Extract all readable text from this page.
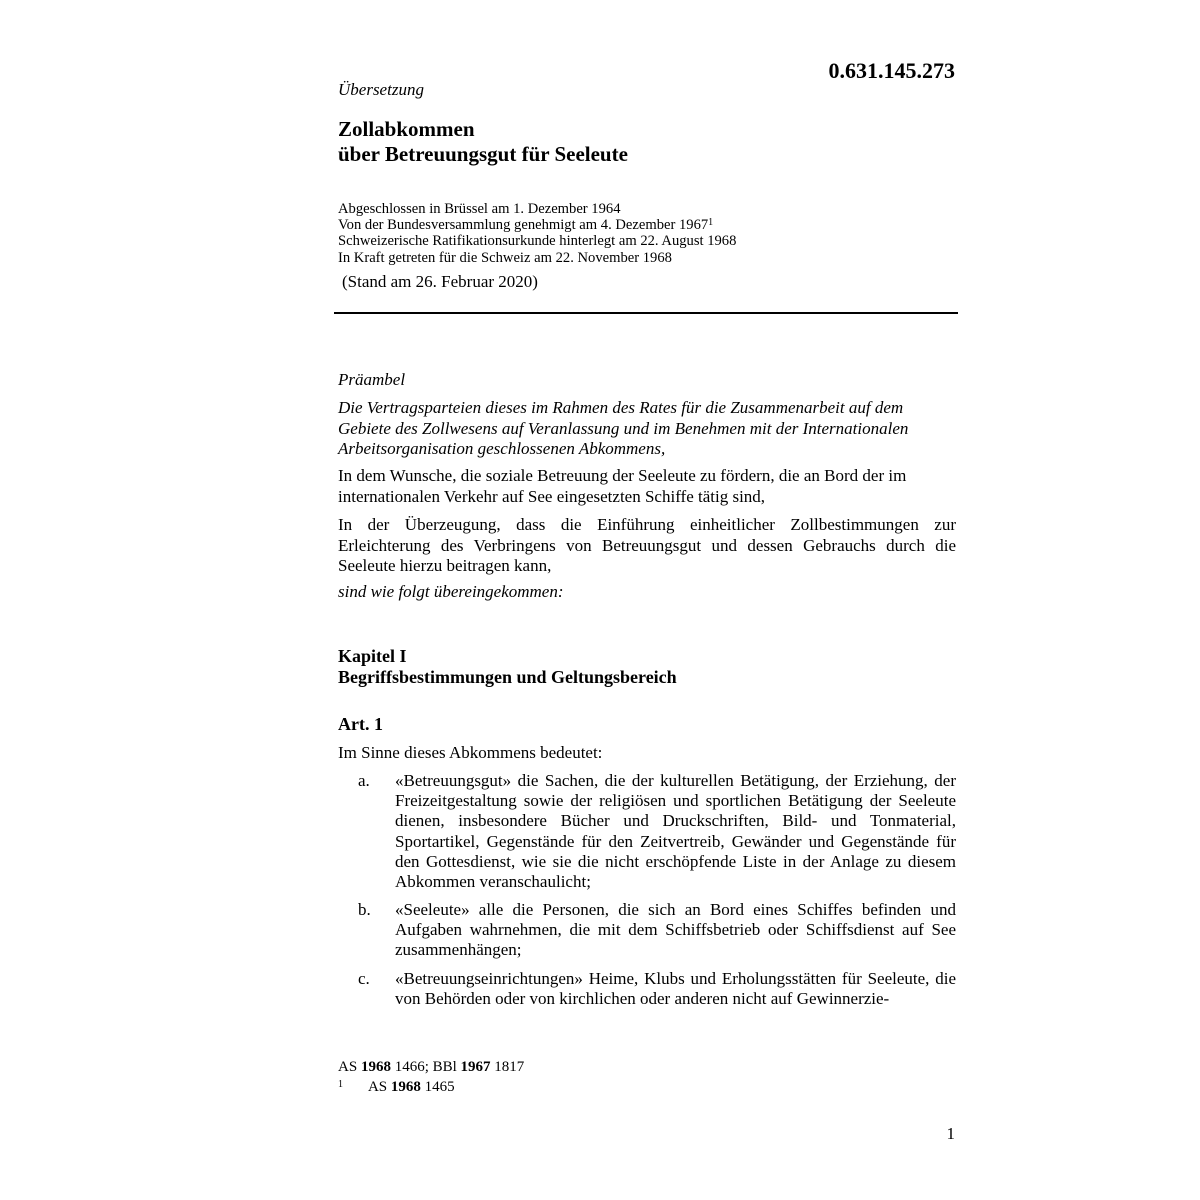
0.631.145.273
Übersetzung
Zollabkommen
über Betreuungsgut für Seeleute
Abgeschlossen in Brüssel am 1. Dezember 1964
Von der Bundesversammlung genehmigt am 4. Dezember 1967$^1$
Schweizerische Ratifikationsurkunde hinterlegt am 22. August 1968
In Kraft getreten für die Schweiz am 22. November 1968
(Stand am 26. Februar 2020)
Präambel
Die Vertragsparteien dieses im Rahmen des Rates für die Zusammenarbeit auf dem Gebiete des Zollwesens auf Veranlassung und im Benehmen mit der Internationalen Arbeitsorganisation geschlossenen Abkommens,
In dem Wunsche, die soziale Betreuung der Seeleute zu fördern, die an Bord der im internationalen Verkehr auf See eingesetzten Schiffe tätig sind,
In der Überzeugung, dass die Einführung einheitlicher Zollbestimmungen zur Erleichterung des Verbringens von Betreuungsgut und dessen Gebrauchs durch die Seeleute hierzu beitragen kann,
sind wie folgt übereingekommen:
Kapitel I
Begriffsbestimmungen und Geltungsbereich
Art. 1
Im Sinne dieses Abkommens bedeutet:
a. «Betreuungsgut» die Sachen, die der kulturellen Betätigung, der Erziehung, der Freizeitgestaltung sowie der religiösen und sportlichen Betätigung der Seeleute dienen, insbesondere Bücher und Druckschriften, Bild- und Tonmaterial, Sportartikel, Gegenstände für den Zeitvertreib, Gewänder und Gegenstände für den Gottesdienst, wie sie die nicht erschöpfende Liste in der Anlage zu diesem Abkommen veranschaulicht;
b. «Seeleute» alle die Personen, die sich an Bord eines Schiffes befinden und Aufgaben wahrnehmen, die mit dem Schiffsbetrieb oder Schiffsdienst auf See zusammenhängen;
c. «Betreuungseinrichtungen» Heime, Klubs und Erholungsstätten für Seeleute, die von Behörden oder von kirchlichen oder anderen nicht auf Gewinnerzie-
AS 1968 1466; BBl 1967 1817
$^1$ AS 1968 1465
1
